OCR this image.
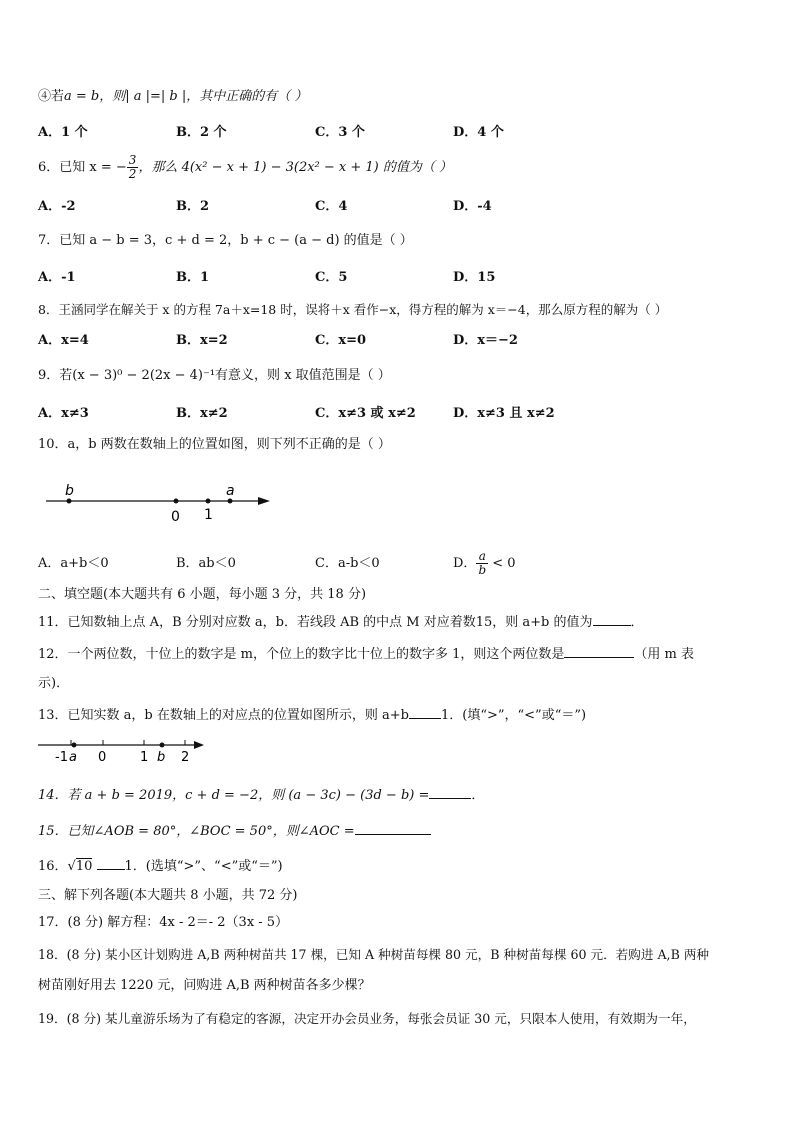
④若a = b，则| a |=| b |，其中正确的有（ ）
A．1 个	B．2 个	C．3 个	D．4 个
6．已知 x = − $\frac{3}{2}$ ，那么 4(x² − x + 1) − 3(2x² − x + 1) 的值为（ ）
A．-2	B．2	C．4	D．-4
7．已知 a − b = 3，c + d = 2，b + c − (a − d) 的值是（ ）
A．-1	B．1	C．5	D．15
8．王涵同学在解关于 x 的方程 7a＋x=18 时，误将＋x 看作−x，得方程的解为 x＝−4，那么原方程的解为（ ）
A．x=4	B．x=2	C．x=0	D．x＝−2
9．若(x − 3)⁰ − 2(2x − 4)⁻¹有意义，则 x 取值范围是（ ）
A．x≠3	B．x≠2	C．x≠3 或 x≠2	D．x≠3 且 x≠2
10．a，b 两数在数轴上的位置如图，则下列不正确的是（ ）
b	a
0 1
A．a+b＜0	B．ab＜0	C．a-b＜0	D． $\frac{a}{b} < 0$
二、填空题(本大题共有 6 小题，每小题 3 分，共 18 分)
11．已知数轴上点 A，B 分别对应数 a，b．若线段 AB 的中点 M 对应着数15，则 a+b 的值为	．
12．一个两位数，十位上的数字是 m，个位上的数字比十位上的数字多 1，则这个两位数是	（用 m 表
示)．
13．已知实数 a，b 在数轴上的对应点的位置如图所示，则 a+b 1．(填“>”，“<”或“＝”)
-1 a 0	1 b 2
14．若 a + b = 2019，c + d = −2，则 (a − 3c) − (3d − b) =	．
15．已知∠AOB = 80°，∠BOC = 50°，则∠AOC =
16．√10 1．(选填“>”、“<”或“＝”)
三、解下列各题(本大题共 8 小题，共 72 分)
17．(8 分) 解方程：4x - 2＝- 2（3x - 5）
18．(8 分) 某小区计划购进 A,B 两种树苗共 17 棵，已知 A 种树苗每棵 80 元，B 种树苗每棵 60 元．若购进 A,B 两种
树苗刚好用去 1220 元，问购进 A,B 两种树苗各多少棵？
19．(8 分) 某儿童游乐场为了有稳定的客源，决定开办会员业务，每张会员证 30 元，只限本人使用，有效期为一年，
